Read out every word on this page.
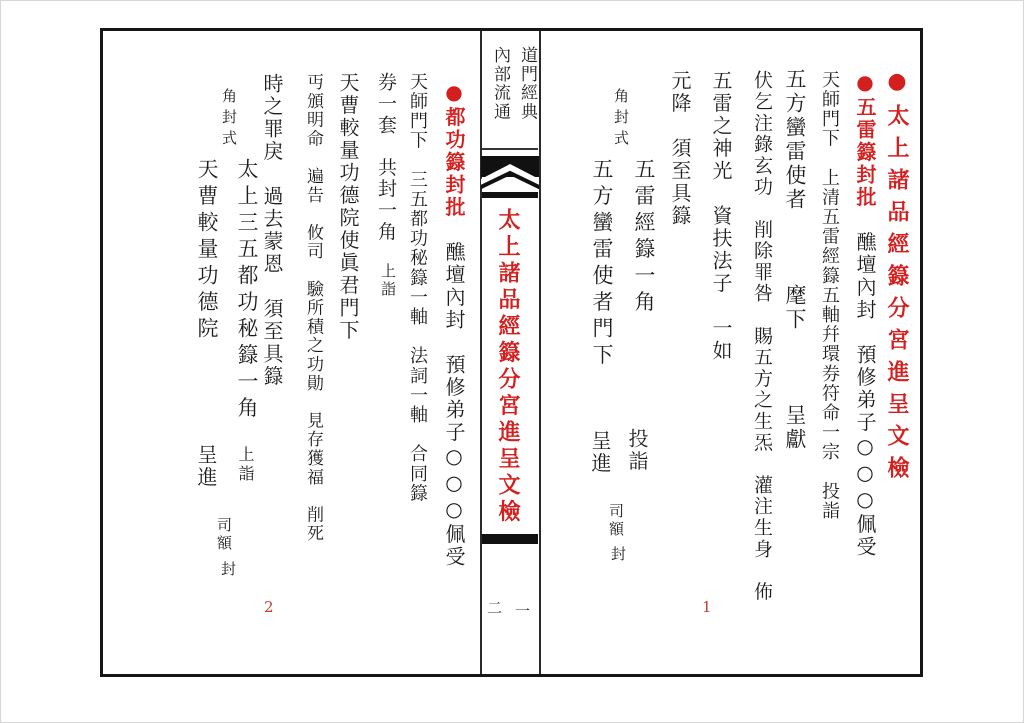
道門經典
內部流通
太上諸品經籙分宮進呈文檢
二 一
●太上諸品經籙分宮進呈文檢
●五雷籙封批　醮壇內封　預修弟子○○○佩受
天師門下　上清五雷經籙五軸幷環券符命一宗　投詣
五方蠻雷使者　　　麾下　　　呈獻
伏乞注錄玄功　削除罪咎　賜五方之生炁　灌注生身　佈
五雷之神光　資扶法子　一如
元降　須至具籙
角封式
五雷經籙一角
五方蠻雷使者門下
投詣
呈進
司額
封
1
●都功籙封批　醮壇內封　預修弟子○○○佩受
天師門下　三五都功秘籙一軸　法詞一軸　合同籙
券一套　共封一角
上詣
天曹較量功德院使眞君門下
丏頒明命　遍告　攸司　驗所積之功勛　見存獲福　削死
時之罪戾　過去蒙恩　須至具籙
角封式
太上三五都功秘籙一角
天曹較量功德院
上詣
呈進
司額
封
2
